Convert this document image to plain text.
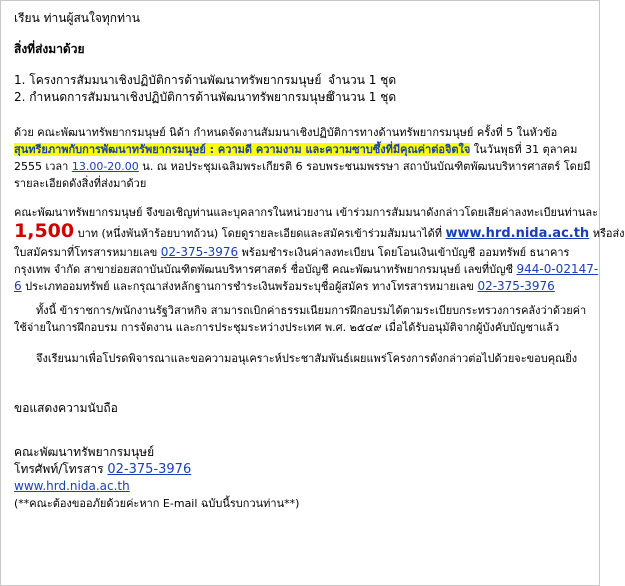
เรียน ท่านผู้สนใจทุกท่าน

สิ่งที่ส่งมาด้วย

1. โครงการสัมมนาเชิงปฏิบัติการด้านพัฒนาทรัพยากรมนุษย์ จำนวน 1 ชุด
2. กำหนดการสัมมนาเชิงปฏิบัติการด้านพัฒนาทรัพยากรมนุษย์
จำนวน 1 ชุด

ด้วย คณะพัฒนาทรัพยากรมนุษย์ นิด้า กำหนดจัดงานสัมมนาเชิงปฏิบัติการทางด้านทรัพยากรมนุษย์ ครั้งที่ 5 ในหัวข้อ

สุนทรียภาพกับการพัฒนาทรัพยากรมนุษย์ : ความดี ความงาม และความซาบซึ้งที่มีคุณค่าต่อจิตใจ ในวันพุธที่ 31 ตุลาคม

2555 เวลา 13.00-20.00 น. ณ หอประชุมเฉลิมพระเกียรติ 6 รอบพระชนมพรรษา สถาบันบัณฑิตพัฒนบริหารศาสตร์ โดยมี

รายละเอียดดังสิ่งที่ส่งมาด้วย

คณะพัฒนาทรัพยากรมนุษย์ จึงขอเชิญท่านและบุคลากรในหน่วยงาน เข้าร่วมการสัมมนาดังกล่าวโดยเสียค่าลงทะเบียนท่านละ

1,500 บาท (หนึ่งพันห้าร้อยบาทถ้วน) โดยดูรายละเอียดและสมัครเข้าร่วมสัมมนาได้ที่ www.hrd.nida.ac.th หรือส่ง

ใบสมัครมาที่โทรสารหมายเลข 02-375-3976 พร้อมชำระเงินค่าลงทะเบียน โดยโอนเงินเข้าบัญชี ออมทรัพย์ ธนาคาร

กรุงเทพ จำกัด สาขาย่อยสถาบันบัณฑิตพัฒนบริหารศาสตร์ ชื่อบัญชี คณะพัฒนาทรัพยากรมนุษย์ เลขที่บัญชี 944-0-02147-

6 ประเภทออมทรัพย์ และกรุณาส่งหลักฐานการชำระเงินพร้อมระบุชื่อผู้สมัคร ทางโทรสารหมายเลข 02-375-3976

ทั้งนี้ ข้าราชการ/พนักงานรัฐวิสาหกิจ สามารถเบิกค่าธรรมเนียมการฝึกอบรมได้ตามระเบียบกระทรวงการคลังว่าด้วยค่า

ใช้จ่ายในการฝึกอบรม การจัดงาน และการประชุมระหว่างประเทศ พ.ศ. ๒๕๔๙ เมื่อได้รับอนุมัติจากผู้บังคับบัญชาแล้ว

จึงเรียนมาเพื่อโปรดพิจารณาและขอความอนุเคราะห์ประชาสัมพันธ์เผยแพร่โครงการดังกล่าวต่อไปด้วยจะขอบคุณยิ่ง

ขอแสดงความนับถือ

คณะพัฒนาทรัพยากรมนุษย์

โทรศัพท์/โทรสาร 02-375-3976

www.hrd.nida.ac.th

(**คณะต้องขออภัยด้วยค่ะหาก E-mail ฉบับนี้รบกวนท่าน**)
